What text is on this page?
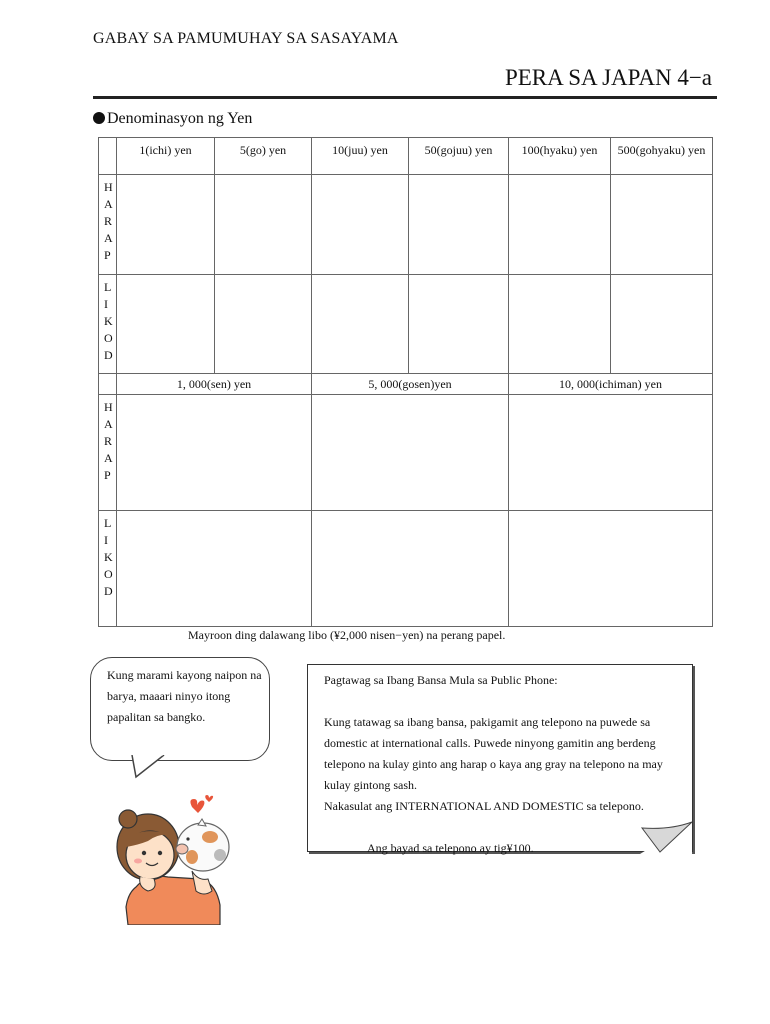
GABAY SA PAMUMUHAY SA SASAYAMA
PERA SA JAPAN 4−a
Denominasyon ng Yen
	1(ichi) yen	5(go) yen	10(juu) yen	50(gojuu) yen	100(hyaku) yen	500(gohyaku) yen
H A R A P						
L I K O D						
	1, 000(sen) yen	5, 000(gosen)yen	10, 000(ichiman) yen
H A R A P			
L I K O D			
Mayroon ding dalawang libo (¥2,000 nisen−yen) na perang papel.
Kung marami kayong naipon na barya, maaari ninyo itong papalitan sa bangko.

Pagtawag sa Ibang Bansa Mula sa Public Phone:

Kung tatawag sa ibang bansa, pakigamit ang telepono na puwede sa domestic at international calls. Puwede ninyong gamitin ang berdeng telepono na kulay ginto ang harap o kaya ang gray na telepono na may kulay gintong sash.

Nakasulat ang INTERNATIONAL AND DOMESTIC sa telepono.

Ang bayad sa telepono ay tig¥100.
